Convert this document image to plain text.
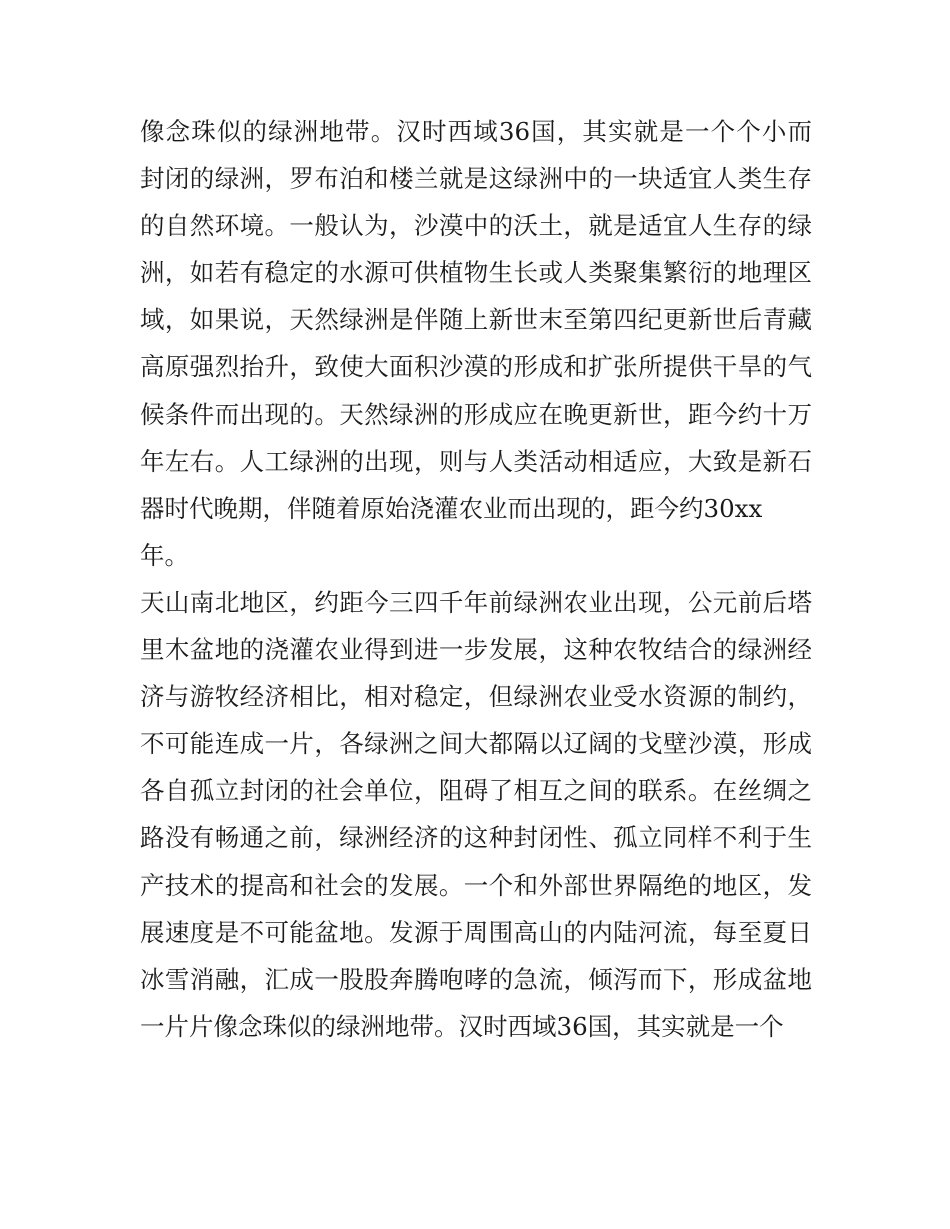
像念珠似的绿洲地带。汉时西域36国，其实就是一个个小而
封闭的绿洲，罗布泊和楼兰就是这绿洲中的一块适宜人类生存
的自然环境。一般认为，沙漠中的沃土，就是适宜人生存的绿
洲，如若有稳定的水源可供植物生长或人类聚集繁衍的地理区
域，如果说，天然绿洲是伴随上新世末至第四纪更新世后青藏
高原强烈抬升，致使大面积沙漠的形成和扩张所提供干旱的气
候条件而出现的。天然绿洲的形成应在晚更新世，距今约十万
年左右。人工绿洲的出现，则与人类活动相适应，大致是新石
器时代晚期，伴随着原始浇灌农业而出现的，距今约30xx
年。
天山南北地区，约距今三四千年前绿洲农业出现，公元前后塔
里木盆地的浇灌农业得到进一步发展，这种农牧结合的绿洲经
济与游牧经济相比，相对稳定，但绿洲农业受水资源的制约，
不可能连成一片，各绿洲之间大都隔以辽阔的戈壁沙漠，形成
各自孤立封闭的社会单位，阻碍了相互之间的联系。在丝绸之
路没有畅通之前，绿洲经济的这种封闭性、孤立同样不利于生
产技术的提高和社会的发展。一个和外部世界隔绝的地区，发
展速度是不可能盆地。发源于周围高山的内陆河流，每至夏日
冰雪消融，汇成一股股奔腾咆哮的急流，倾泻而下，形成盆地
一片片像念珠似的绿洲地带。汉时西域36国，其实就是一个
